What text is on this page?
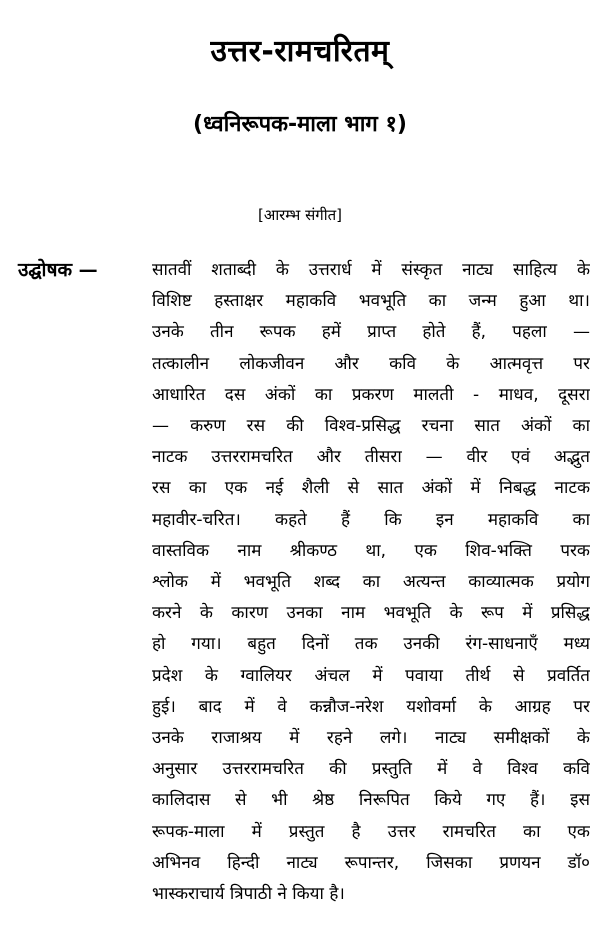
उत्तर-रामचरितम्
(ध्वनिरूपक-माला भाग १)
[आरम्भ संगीत]
उद्घोषक —	सातवीं शताब्दी के उत्तरार्ध में संस्कृत नाट्य साहित्य के
विशिष्ट हस्ताक्षर महाकवि भवभूति का जन्म हुआ था।
उनके तीन रूपक हमें प्राप्त होते हैं, पहला —
तत्कालीन लोकजीवन और कवि के आत्मवृत्त पर
आधारित दस अंकों का प्रकरण मालती - माधव, दूसरा
— करुण रस की विश्व-प्रसिद्ध रचना सात अंकों का
नाटक उत्तररामचरित और तीसरा — वीर एवं अद्भुत
रस का एक नई शैली से सात अंकों में निबद्ध नाटक
महावीर-चरित। कहते हैं कि इन महाकवि का
वास्तविक नाम श्रीकण्ठ था, एक शिव-भक्ति परक
श्लोक में भवभूति शब्द का अत्यन्त काव्यात्मक प्रयोग
करने के कारण उनका नाम भवभूति के रूप में प्रसिद्ध
हो गया। बहुत दिनों तक उनकी रंग-साधनाएँ मध्य
प्रदेश के ग्वालियर अंचल में पवाया तीर्थ से प्रवर्तित
हुई। बाद में वे कन्नौज-नरेश यशोवर्मा के आग्रह पर
उनके राजाश्रय में रहने लगे। नाट्य समीक्षकों के
अनुसार उत्तररामचरित की प्रस्तुति में वे विश्व कवि
कालिदास से भी श्रेष्ठ निरूपित किये गए हैं। इस
रूपक-माला में प्रस्तुत है उत्तर रामचरित का एक
अभिनव हिन्दी नाट्य रूपान्तर, जिसका प्रणयन डॉ०
भास्कराचार्य त्रिपाठी ने किया है।
